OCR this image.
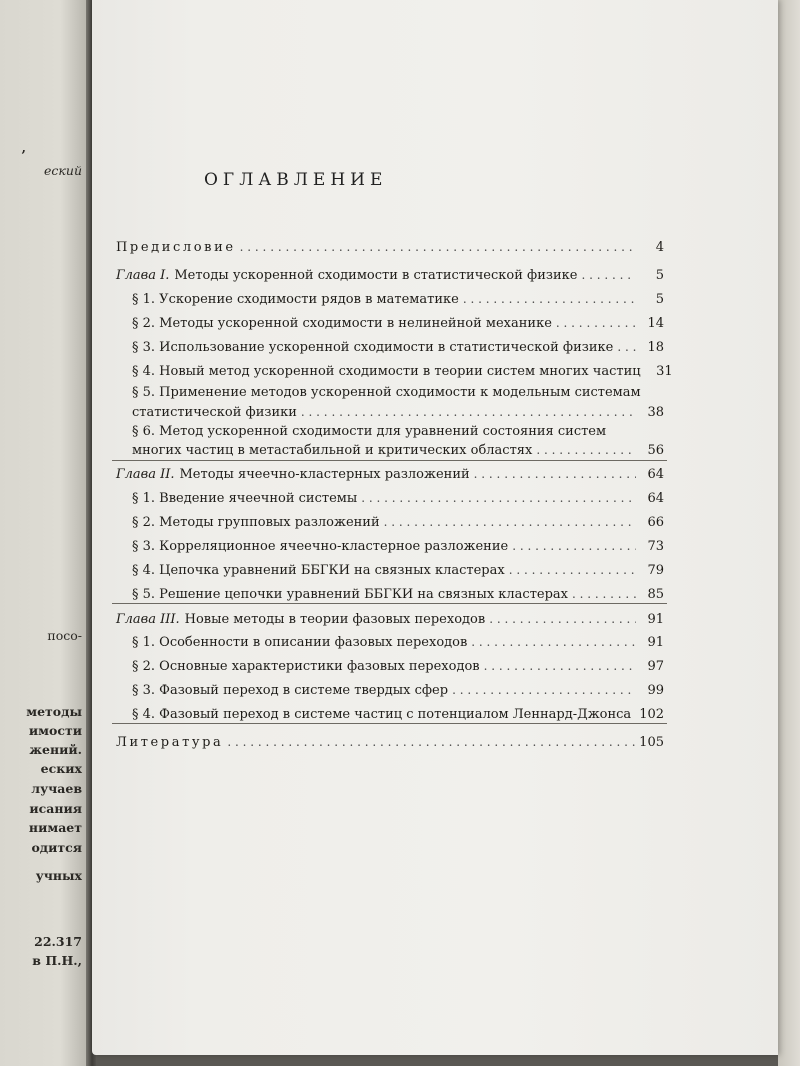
,
еский
посо-
методы
имости
жений.
еских
лучаев
исания
нимает
одится
учных
22.317
в П.Н.,
ОГЛАВЛЕНИЕ
Предисловие . . .	4
Глава I. Методы ускоренной сходимости в статистической физике . . .	5
§ 1. Ускорение сходимости рядов в математике . . .	5
§ 2. Методы ускоренной сходимости в нелинейной механике . . .	14
§ 3. Использование ускоренной сходимости в статистической физике . . .	18
§ 4. Новый метод ускоренной сходимости в теории систем многих частиц	31
§ 5. Применение методов ускоренной сходимости к модельным системам
статистической физики . . .	38
§ 6. Метод ускоренной сходимости для уравнений состояния систем
многих частиц в метастабильной и критических областях . . .	56
Глава II. Методы ячеечно-кластерных разложений . . .	64
§ 1. Введение ячеечной системы . . .	64
§ 2. Методы групповых разложений . . .	66
§ 3. Корреляционное ячеечно-кластерное разложение . . .	73
§ 4. Цепочка уравнений ББГКИ на связных кластерах . . .	79
§ 5. Решение цепочки уравнений ББГКИ на связных кластерах . . .	85
Глава III. Новые методы в теории фазовых переходов . . .	91
§ 1. Особенности в описании фазовых переходов . . .	91
§ 2. Основные характеристики фазовых переходов . . .	97
§ 3. Фазовый переход в системе твердых сфер . . .	99
§ 4. Фазовый переход в системе частиц с потенциалом Леннард-Джонса 102
Литература . . .	105
